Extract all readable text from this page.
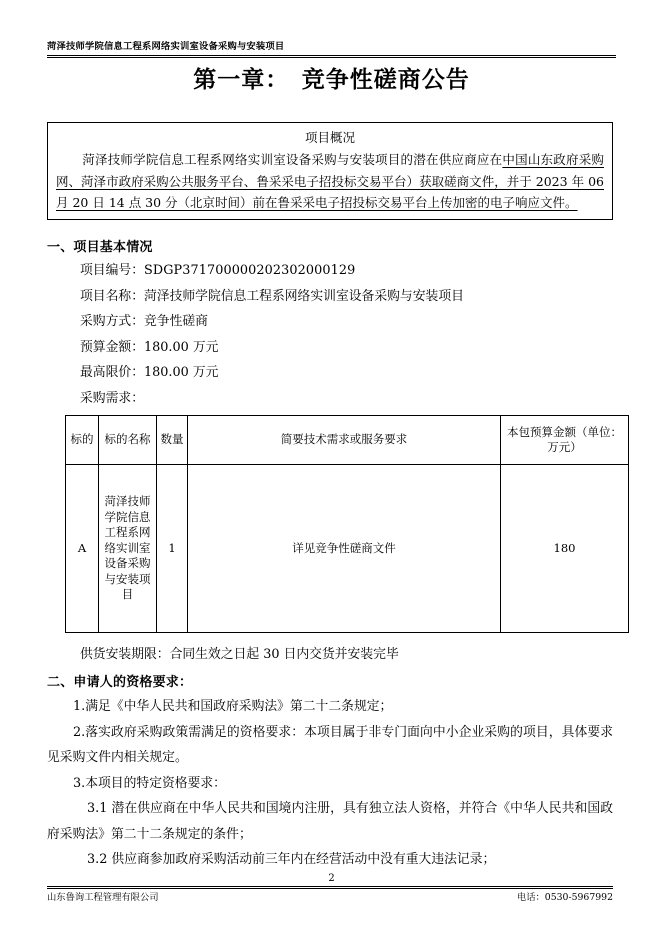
菏泽技师学院信息工程系网络实训室设备采购与安装项目
第一章：　竞争性磋商公告
项目概况
菏泽技师学院信息工程系网络实训室设备采购与安装项目的潜在供应商应在中国山东政府采购网、菏泽市政府采购公共服务平台、鲁采采电子招投标交易平台）获取磋商文件，并于 2023 年 06 月 20 日 14 点 30 分（北京时间）前在鲁采采电子招投标交易平台上传加密的电子响应文件。
一、项目基本情况
项目编号：SDGP371700000202302000129
项目名称：菏泽技师学院信息工程系网络实训室设备采购与安装项目
采购方式：竞争性磋商
预算金额：180.00 万元
最高限价：180.00 万元
采购需求：
标的	标的名称	数量	简要技术需求或服务要求	本包预算金额（单位：万元）
A	菏泽技师学院信息工程系网络实训室设备采购与安装项目	1	详见竞争性磋商文件	180
供货安装期限：合同生效之日起 30 日内交货并安装完毕
二、申请人的资格要求：
1.满足《中华人民共和国政府采购法》第二十二条规定；
2.落实政府采购政策需满足的资格要求：本项目属于非专门面向中小企业采购的项目，具体要求见采购文件内相关规定。
3.本项目的特定资格要求：
3.1 潜在供应商在中华人民共和国境内注册，具有独立法人资格，并符合《中华人民共和国政府采购法》第二十二条规定的条件；
3.2 供应商参加政府采购活动前三年内在经营活动中没有重大违法记录；
2
山东鲁询工程管理有限公司	电话：0530-5967992
